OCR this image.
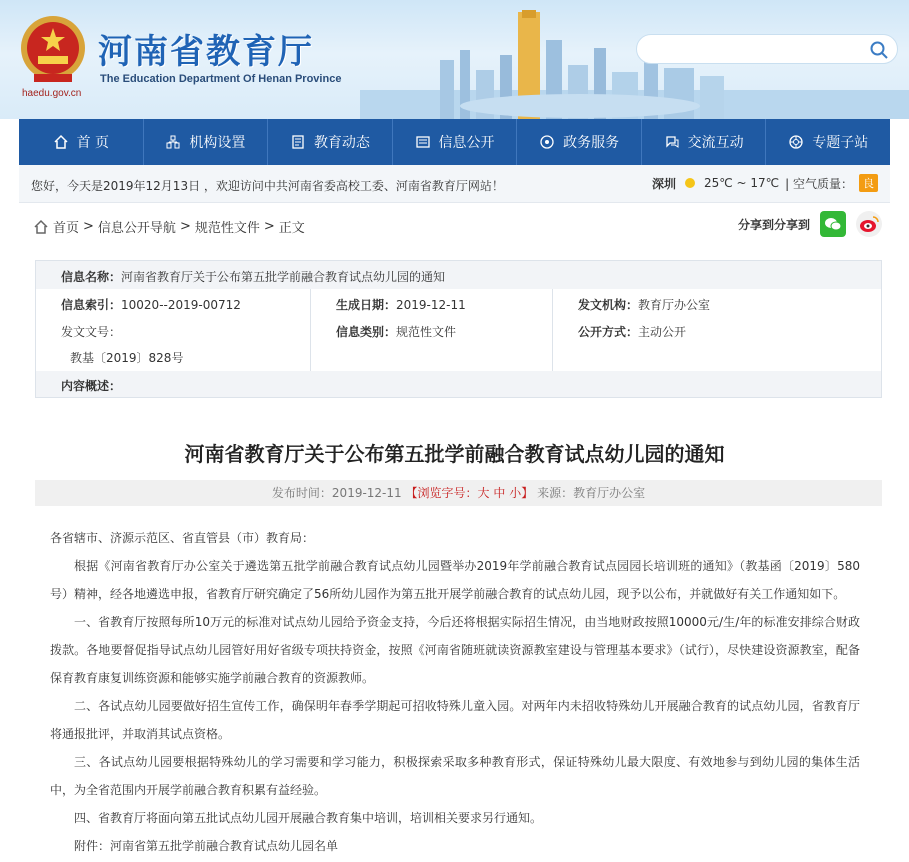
haedu.gov.cn
河南省教育厅
The Education Department Of Henan Province
首 页	机构设置	教育动态	信息公开	政务服务	交流互动	专题子站
您好，今天是2019年12月13日 ，欢迎访问中共河南省委高校工委、河南省教育厅网站！	深圳 25℃ ~ 17℃ | 空气质量： 良
首页 > 信息公开导航 > 规范性文件 > 正文	分享到分享到
信息名称：河南省教育厅关于公布第五批学前融合教育试点幼儿园的通知
信息索引：10020--2019-00712	生成日期：2019-12-11	发文机构：教育厅办公室
发文文号：
教基〔2019〕828号
信息类别：规范性文件	公开方式：主动公开
内容概述：
河南省教育厅关于公布第五批学前融合教育试点幼儿园的通知
发布时间：2019-12-11 【浏览字号：大 中 小】 来源：教育厅办公室

各省辖市、济源示范区、省直管县（市）教育局：

根据《河南省教育厅办公室关于遴选第五批学前融合教育试点幼儿园暨举办2019年学前融合教育试点园园长培训班的通知》（教基函〔2019〕580号）精神，经各地遴选申报，省教育厅研究确定了56所幼儿园作为第五批开展学前融合教育的试点幼儿园，现予以公布，并就做好有关工作通知如下。

一、省教育厅按照每所10万元的标准对试点幼儿园给予资金支持，今后还将根据实际招生情况，由当地财政按照10000元/生/年的标准安排综合财政拨款。各地要督促指导试点幼儿园管好用好省级专项扶持资金，按照《河南省随班就读资源教室建设与管理基本要求》（试行），尽快建设资源教室，配备保育教育康复训练资源和能够实施学前融合教育的资源教师。

二、各试点幼儿园要做好招生宣传工作，确保明年春季学期起可招收特殊儿童入园。对两年内未招收特殊幼儿开展融合教育的试点幼儿园，省教育厅将通报批评，并取消其试点资格。

三、各试点幼儿园要根据特殊幼儿的学习需要和学习能力，积极探索采取多种教育形式，保证特殊幼儿最大限度、有效地参与到幼儿园的集体生活中，为全省范围内开展学前融合教育积累有益经验。

四、省教育厅将面向第五批试点幼儿园开展融合教育集中培训，培训相关要求另行通知。

附件：河南省第五批学前融合教育试点幼儿园名单
